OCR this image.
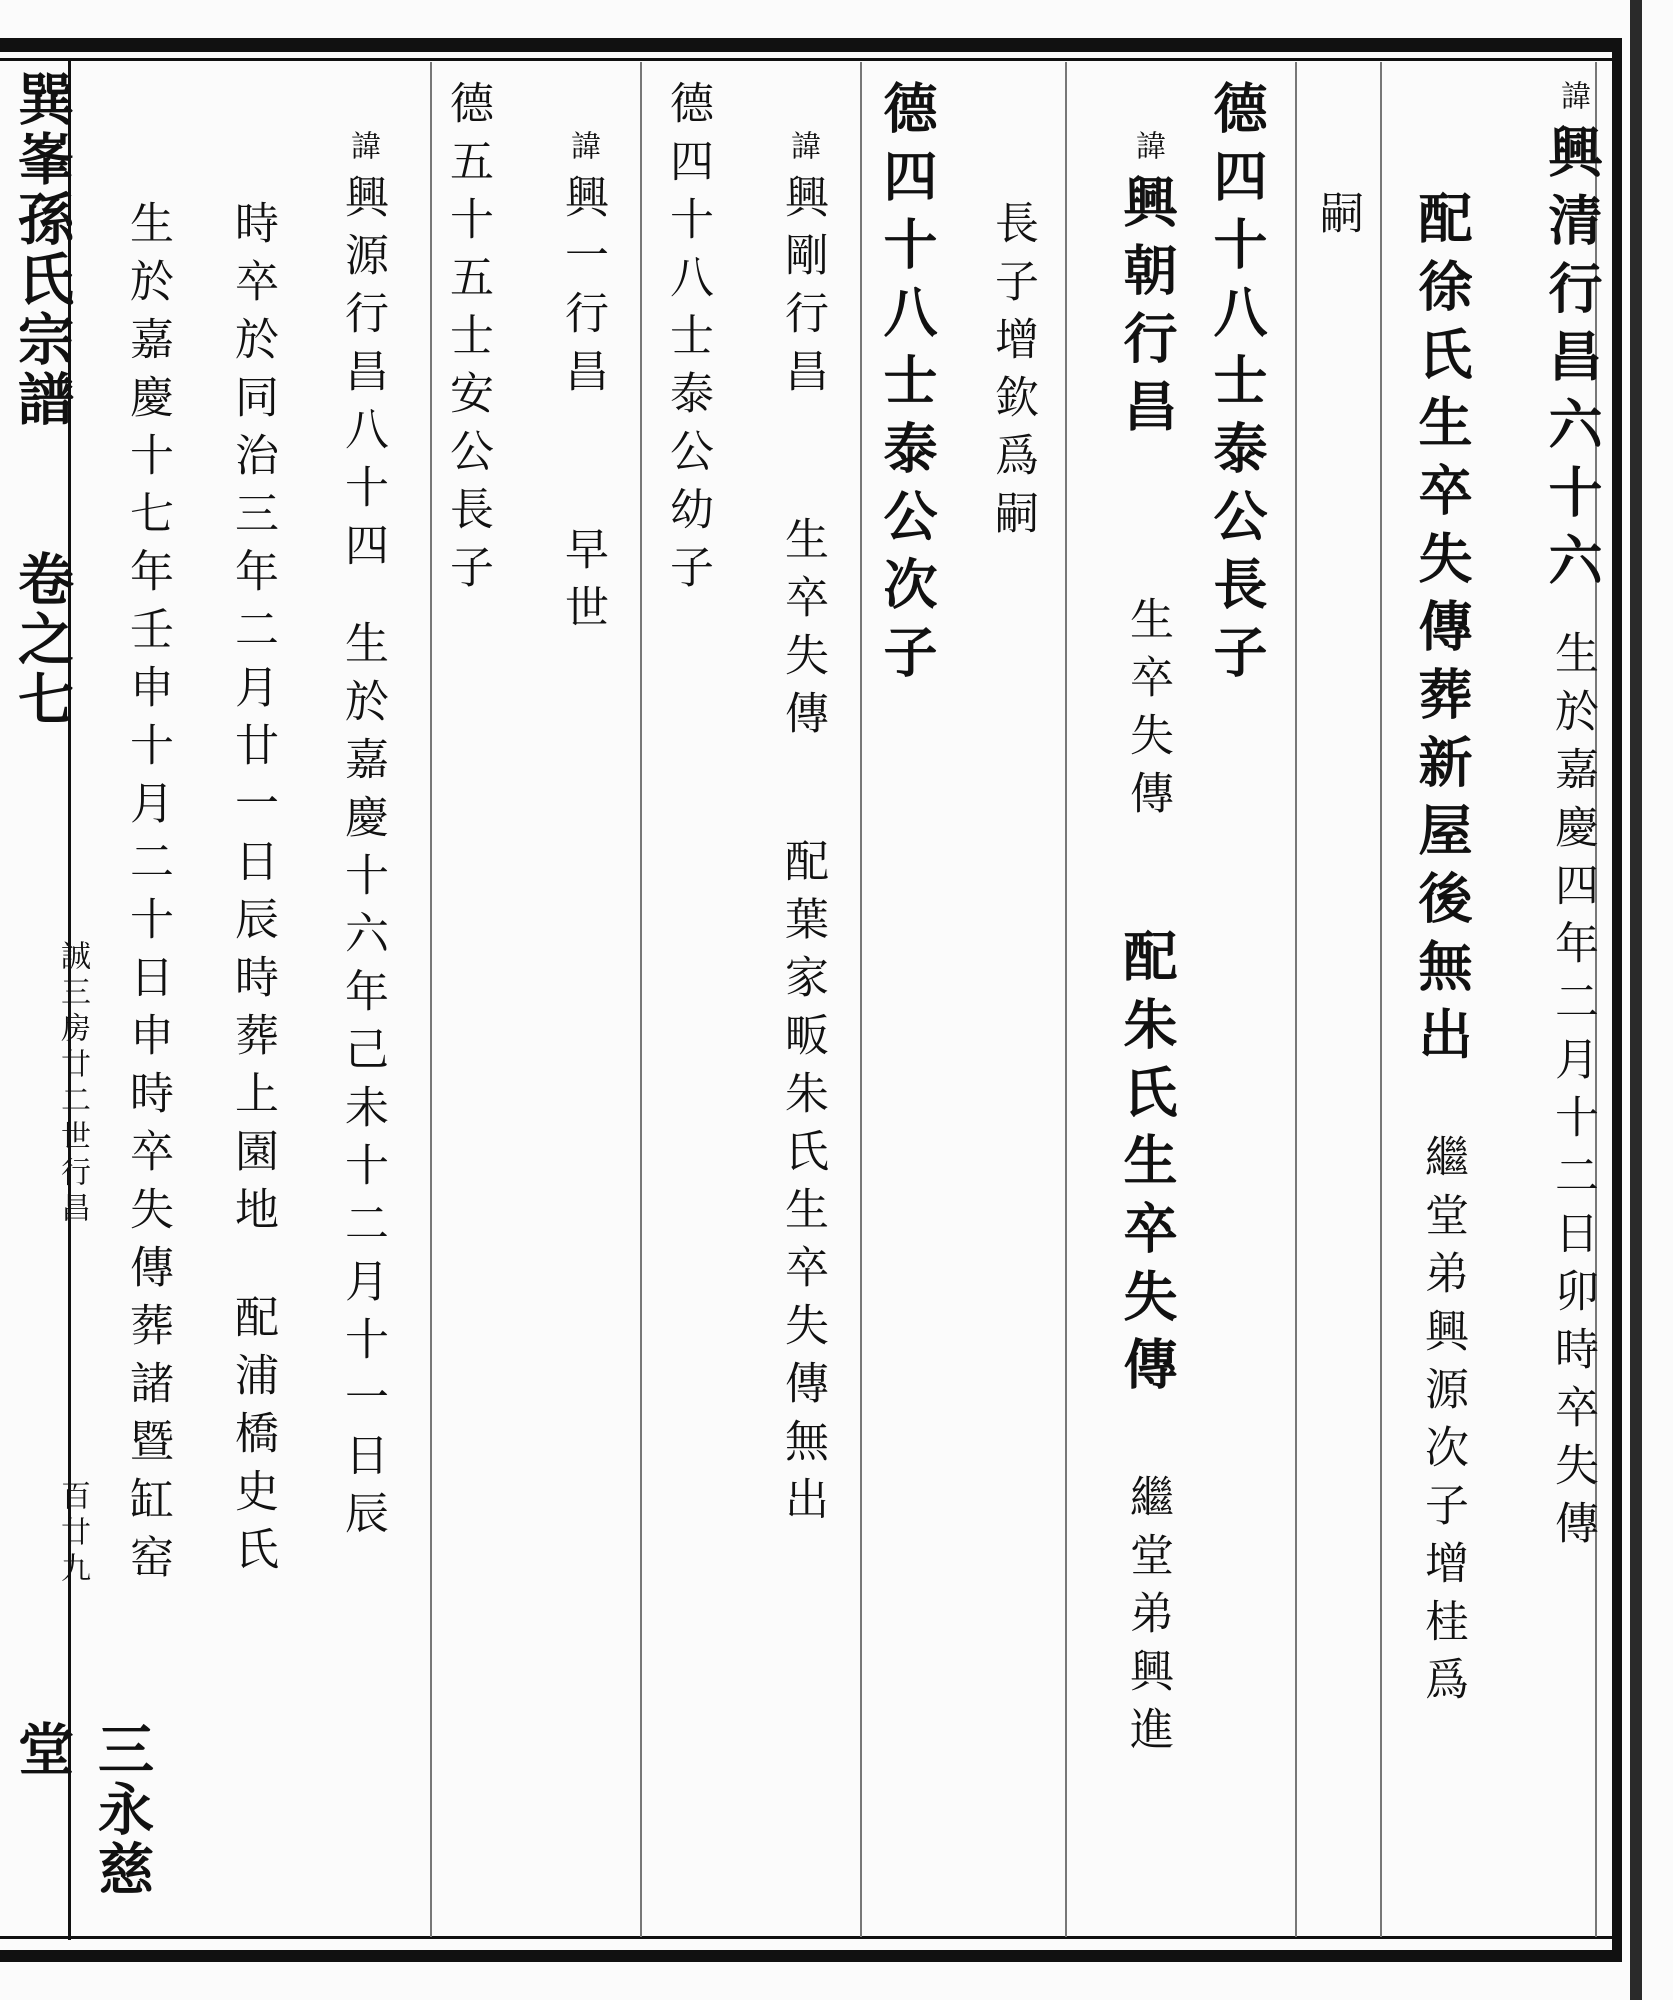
巽峯孫氏宗譜
誠三房廿二世行昌
卷之七
百廿九
三永慈堂
諱興清行昌六十六生於嘉慶四年二月十二日卯時卒失傳
配徐氏生卒失傳葬新屋後無出繼堂弟興源次子增桂爲
嗣
德四十八士泰公長子
諱興朝行昌生卒失傳配朱氏生卒失傳繼堂弟興進
長子增欽爲嗣
德四十八士泰公次子
諱興剛行昌生卒失傳配葉家畈朱氏生卒失傳無出
德四十八士泰公幼子
諱興一行昌早世
德五十五士安公長子
諱興源行昌八十四生於嘉慶十六年己未十二月十一日辰
時卒於同治三年二月廿一日辰時葬上園地配浦橋史氏
生於嘉慶十七年壬申十月二十日申時卒失傳葬諸暨缸窑
